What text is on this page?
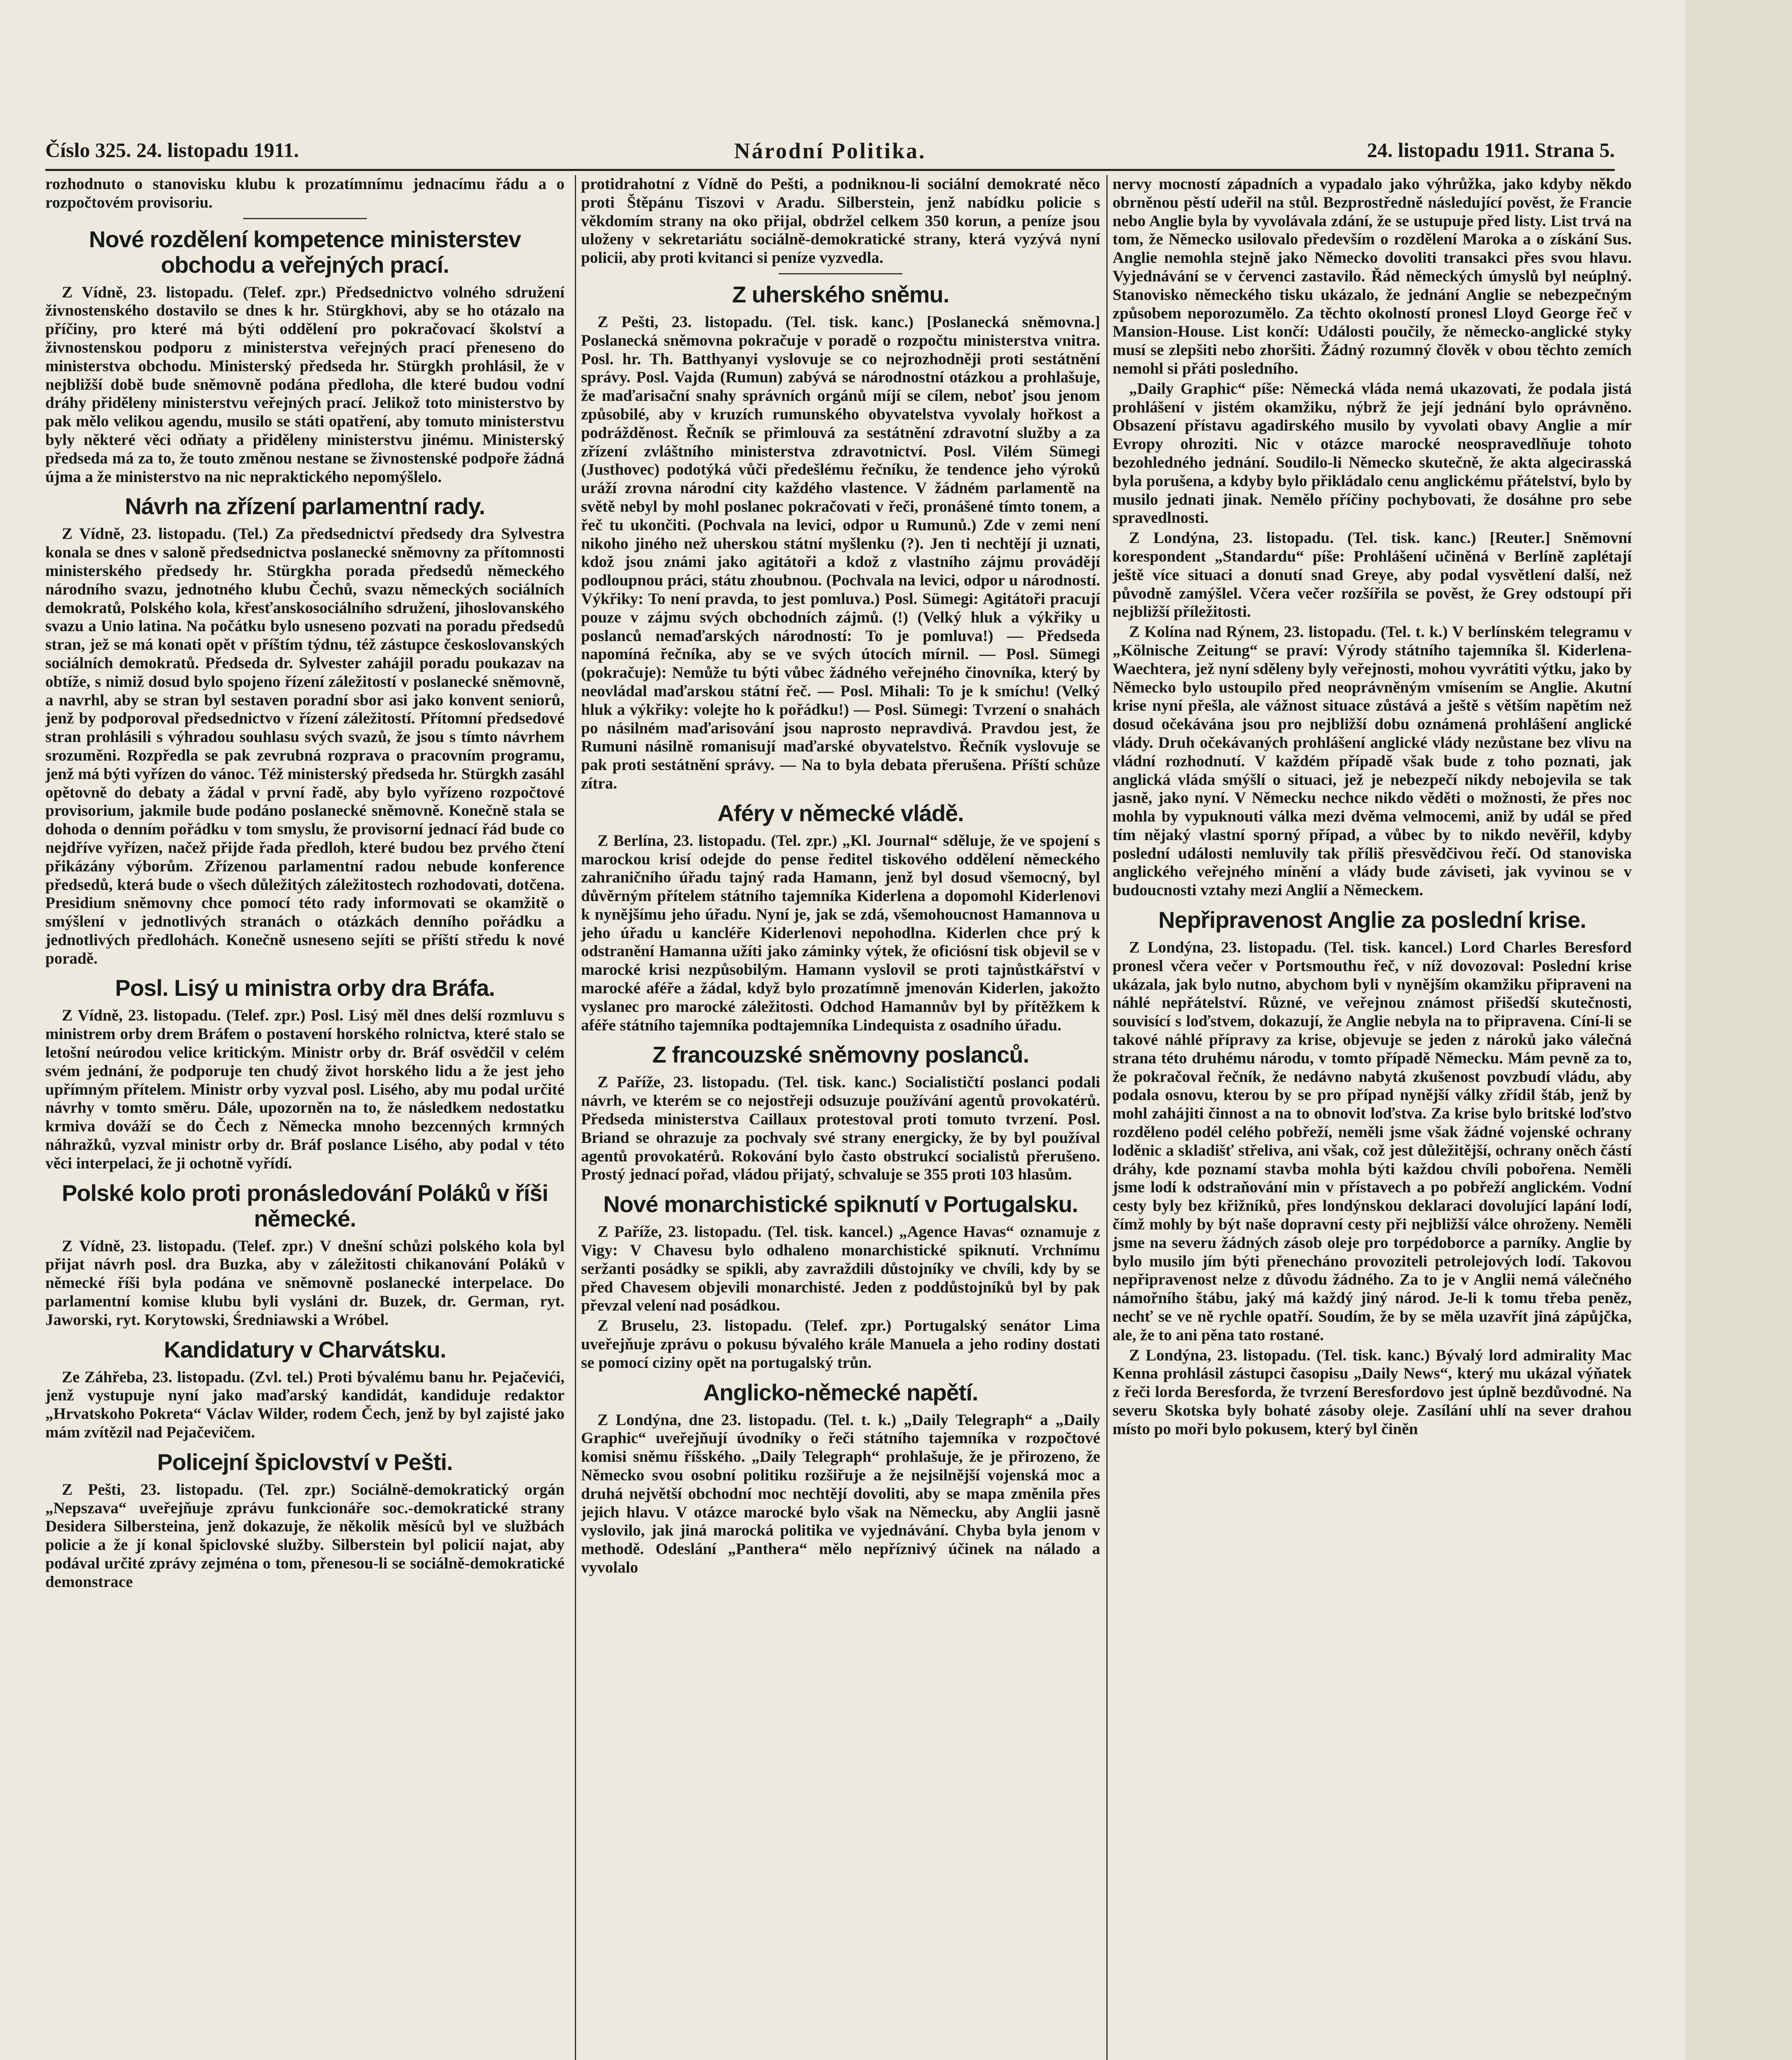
Číslo 325. 24. listopadu 1911.	Národní Politika.	24. listopadu 1911. Strana 5.

rozhodnuto o stanovisku klubu k prozatímnímu jednacímu řádu a o rozpočtovém provisoriu.

Nové rozdělení kompetence ministerstev obchodu a veřejných prací.

Z Vídně, 23. listopadu. (Telef. zpr.) Předsednictvo volného sdružení živnostenského dostavilo se dnes k hr. Stürgkhovi, aby se ho otázalo na příčiny, pro které má býti oddělení pro pokračovací školství a živnostenskou podporu z ministerstva veřejných prací přeneseno do ministerstva obchodu. Ministerský předseda hr. Stürgkh prohlásil, že v nejbližší době bude sněmovně podána předloha, dle které budou vodní dráhy přiděleny ministerstvu veřejných prací. Jelikož toto ministerstvo by pak mělo velikou agendu, musilo se státi opatření, aby tomuto ministerstvu byly některé věci odňaty a přiděleny ministerstvu jinému. Ministerský předseda má za to, že touto změnou nestane se živnostenské podpoře žádná újma a že ministerstvo na nic nepraktického nepomýšlelo.

Návrh na zřízení parlamentní rady.

Z Vídně, 23. listopadu. (Tel.) Za předsednictví předsedy dra Sylvestra konala se dnes v saloně předsednictva poslanecké sněmovny za přítomnosti ministerského předsedy hr. Stürgkha porada předsedů německého národního svazu, jednotného klubu Čechů, svazu německých sociálních demokratů, Polského kola, křesťanskosociálního sdružení, jihoslovanského svazu a Unio latina. Na počátku bylo usneseno pozvati na poradu předsedů stran, jež se má konati opět v příštím týdnu, též zástupce českoslovanských sociálních demokratů. Předseda dr. Sylvester zahájil poradu poukazav na obtíže, s nimiž dosud bylo spojeno řízení záležitostí v poslanecké sněmovně, a navrhl, aby se stran byl sestaven poradní sbor asi jako konvent seniorů, jenž by podporoval předsednictvo v řízení záležitostí. Přítomní předsedové stran prohlásili s výhradou souhlasu svých svazů, že jsou s tímto návrhem srozuměni. Rozpředla se pak zevrubná rozprava o pracovním programu, jenž má býti vyřízen do vánoc. Též ministerský předseda hr. Stürgkh zasáhl opětovně do debaty a žádal v první řadě, aby bylo vyřízeno rozpočtové provisorium, jakmile bude podáno poslanecké sněmovně. Konečně stala se dohoda o denním pořádku v tom smyslu, že provisorní jednací řád bude co nejdříve vyřízen, načež přijde řada předloh, které budou bez prvého čtení přikázány výborům. Zřízenou parlamentní radou nebude konference předsedů, která bude o všech důležitých záležitostech rozhodovati, dotčena. Presidium sněmovny chce pomocí této rady informovati se okamžitě o smýšlení v jednotlivých stranách o otázkách denního pořádku a jednotlivých předlohách. Konečně usneseno sejíti se příští středu k nové poradě.

Posl. Lisý u ministra orby dra Bráfa.

Z Vídně, 23. listopadu. (Telef. zpr.) Posl. Lisý měl dnes delší rozmluvu s ministrem orby drem Bráfem o postavení horského rolnictva, které stalo se letošní neúrodou velice kritickým. Ministr orby dr. Bráf osvědčil v celém svém jednání, že podporuje ten chudý život horského lidu a že jest jeho upřímným přítelem. Ministr orby vyzval posl. Lisého, aby mu podal určité návrhy v tomto směru. Dále, upozorněn na to, že následkem nedostatku krmiva dováží se do Čech z Německa mnoho bezcenných krmných náhražků, vyzval ministr orby dr. Bráf poslance Lisého, aby podal v této věci interpelaci, že ji ochotně vyřídí.

Polské kolo proti pronásledování Poláků v říši německé.

Z Vídně, 23. listopadu. (Telef. zpr.) V dnešní schůzi polského kola byl přijat návrh posl. dra Buzka, aby v záležitosti chikanování Poláků v německé říši byla podána ve sněmovně poslanecké interpelace. Do parlamentní komise klubu byli vysláni dr. Buzek, dr. German, ryt. Jaworski, ryt. Korytowski, Średniawski a Wróbel.

Kandidatury v Charvátsku.

Ze Záhřeba, 23. listopadu. (Zvl. tel.) Proti bývalému banu hr. Pejačevići, jenž vystupuje nyní jako maďarský kandidát, kandiduje redaktor „Hrvatskoho Pokreta“ Václav Wilder, rodem Čech, jenž by byl zajisté jako mám zvítězil nad Pejačevičem.

Policejní špiclovství v Pešti.

Z Pešti, 23. listopadu. (Tel. zpr.) Sociálně-demokratický orgán „Nepszava“ uveřejňuje zprávu funkcionáře soc.-demokratické strany Desidera Silbersteina, jenž dokazuje, že několik měsíců byl ve službách policie a že jí konal špiclovské služby. Silberstein byl policií najat, aby podával určité zprávy zejména o tom, přenesou-li se sociálně-demokratické demonstrace

protidrahotní z Vídně do Pešti, a podniknou-li sociální demokraté něco proti Štěpánu Tiszovi v Aradu. Silberstein, jenž nabídku policie s věkdomím strany na oko přijal, obdržel celkem 350 korun, a peníze jsou uloženy v sekretariátu sociálně-demokratické strany, která vyzývá nyní policii, aby proti kvitanci si peníze vyzvedla.

Z uherského sněmu.

Z Pešti, 23. listopadu. (Tel. tisk. kanc.) [Poslanecká sněmovna.] Poslanecká sněmovna pokračuje v poradě o rozpočtu ministerstva vnitra. Posl. hr. Th. Batthyanyi vyslovuje se co nejrozhodněji proti sestátnění správy. Posl. Vajda (Rumun) zabývá se národnostní otázkou a prohlašuje, že maďarisační snahy správních orgánů míjí se cílem, neboť jsou jenom způsobilé, aby v kruzích rumunského obyvatelstva vyvolaly hořkost a podrážděnost. Řečník se přimlouvá za sestátnění zdravotní služby a za zřízení zvláštního ministerstva zdravotnictví. Posl. Vilém Sümegi (Justhovec) podotýká vůči předešlému řečníku, že tendence jeho výroků uráží zrovna národní city každého vlastence. V žádném parlamentě na světě nebyl by mohl poslanec pokračovati v řeči, pronášené tímto tonem, a řeč tu ukončiti. (Pochvala na levici, odpor u Rumunů.) Zde v zemi není nikoho jiného než uherskou státní myšlenku (?). Jen ti nechtějí ji uznati, kdož jsou známi jako agitátoři a kdož z vlastního zájmu provádějí podloupnou práci, státu zhoubnou. (Pochvala na levici, odpor u národností. Výkřiky: To není pravda, to jest pomluva.) Posl. Sümegi: Agitátoři pracují pouze v zájmu svých obchodních zájmů. (!) (Velký hluk a výkřiky u poslanců nemaďarských národností: To je pomluva!) — Předseda napomíná řečníka, aby se ve svých útocích mírnil. — Posl. Sümegi (pokračuje): Nemůže tu býti vůbec žádného veřejného činovníka, který by neovládal maďarskou státní řeč. — Posl. Mihali: To je k smíchu! (Velký hluk a výkřiky: volejte ho k pořádku!) — Posl. Sümegi: Tvrzení o snahách po násilném maďarisování jsou naprosto nepravdivá. Pravdou jest, že Rumuni násilně romanisují maďarské obyvatelstvo. Řečník vyslovuje se pak proti sestátnění správy. — Na to byla debata přerušena. Příští schůze zítra.

Aféry v německé vládě.

Z Berlína, 23. listopadu. (Tel. zpr.) „Kl. Journal“ sděluje, že ve spojení s marockou krisí odejde do pense ředitel tiskového oddělení německého zahraničního úřadu tajný rada Hamann, jenž byl dosud všemocný, byl důvěrným přítelem státního tajemníka Kiderlena a dopomohl Kiderlenovi k nynějšímu jeho úřadu. Nyní je, jak se zdá, všemohoucnost Hamannova u jeho úřadu u kancléře Kiderlenovi nepohodlna. Kiderlen chce prý k odstranění Hamanna užíti jako záminky výtek, že oficiósní tisk objevil se v marocké krisi nezpůsobilým. Hamann vyslovil se proti tajnůstkářství v marocké aféře a žádal, když bylo prozatímně jmenován Kiderlen, jakožto vyslanec pro marocké záležitosti. Odchod Hamannův byl by přítěžkem k aféře státního tajemníka podtajemníka Lindequista z osadního úřadu.

Z francouzské sněmovny poslanců.

Z Paříže, 23. listopadu. (Tel. tisk. kanc.) Socialističtí poslanci podali návrh, ve kterém se co nejostřeji odsuzuje používání agentů provokatérů. Předseda ministerstva Caillaux protestoval proti tomuto tvrzení. Posl. Briand se ohrazuje za pochvaly své strany energicky, že by byl používal agentů provokatérů. Rokování bylo často obstrukcí socialistů přerušeno. Prostý jednací pořad, vládou přijatý, schvaluje se 355 proti 103 hlasům.

Nové monarchistické spiknutí v Portugalsku.

Z Paříže, 23. listopadu. (Tel. tisk. kancel.) „Agence Havas“ oznamuje z Vigy: V Chavesu bylo odhaleno monarchistické spiknutí. Vrchnímu seržanti posádky se spikli, aby zavraždili důstojníky ve chvíli, kdy by se před Chavesem objevili monarchisté. Jeden z poddůstojníků byl by pak převzal velení nad posádkou.

Z Bruselu, 23. listopadu. (Telef. zpr.) Portugalský senátor Lima uveřejňuje zprávu o pokusu bývalého krále Manuela a jeho rodiny dostati se pomocí ciziny opět na portugalský trůn.

Anglicko-německé napětí.

Z Londýna, dne 23. listopadu. (Tel. t. k.) „Daily Telegraph“ a „Daily Graphic“ uveřejňují úvodníky o řeči státního tajemníka v rozpočtové komisi sněmu říšského. „Daily Telegraph“ prohlašuje, že je přirozeno, že Německo svou osobní politiku rozšiřuje a že nejsilnější vojenská moc a druhá největší obchodní moc nechtějí dovoliti, aby se mapa změnila přes jejich hlavu. V otázce marocké bylo však na Německu, aby Anglii jasně vyslovilo, jak jiná marocká politika ve vyjednávání. Chyba byla jenom v methodě. Odeslání „Panthera“ mělo nepříznivý účinek na nálado a vyvolalo

nervy mocností západních a vypadalo jako výhrůžka, jako kdyby někdo obrněnou pěstí udeřil na stůl. Bezprostředně následující pověst, že Francie nebo Anglie byla by vyvolávala zdání, že se ustupuje před listy. List trvá na tom, že Německo usilovalo především o rozdělení Maroka a o získání Sus. Anglie nemohla stejně jako Německo dovoliti transakci přes svou hlavu. Vyjednávání se v červenci zastavilo. Řád německých úmyslů byl neúplný. Stanovisko německého tisku ukázalo, že jednání Anglie se nebezpečným způsobem neporozumělo. Za těchto okolností pronesl Lloyd George řeč v Mansion-House. List končí: Události poučily, že německo-anglické styky musí se zlepšiti nebo zhoršiti. Žádný rozumný člověk v obou těchto zemích nemohl si přáti posledního.

„Daily Graphic“ píše: Německá vláda nemá ukazovati, že podala jistá prohlášení v jistém okamžiku, nýbrž že její jednání bylo oprávněno. Obsazení přístavu agadirského musilo by vyvolati obavy Anglie a mír Evropy ohroziti. Nic v otázce marocké neospravedlňuje tohoto bezohledného jednání. Soudilo-li Německo skutečně, že akta algecirasská byla porušena, a kdyby bylo přikládalo cenu anglickému přátelství, bylo by musilo jednati jinak. Nemělo příčiny pochybovati, že dosáhne pro sebe spravedlnosti.

Z Londýna, 23. listopadu. (Tel. tisk. kanc.) [Reuter.] Sněmovní korespondent „Standardu“ píše: Prohlášení učiněná v Berlíně zaplétají ještě více situaci a donutí snad Greye, aby podal vysvětlení další, než původně zamýšlel. Včera večer rozšířila se pověst, že Grey odstoupí při nejbližší příležitosti.

Z Kolína nad Rýnem, 23. listopadu. (Tel. t. k.) V berlínském telegramu v „Kölnische Zeitung“ se praví: Výrody státního tajemníka šl. Kiderlena-Waechtera, jež nyní sděleny byly veřejnosti, mohou vyvrátiti výtku, jako by Německo bylo ustoupilo před neoprávněným vmísením se Anglie. Akutní krise nyní přešla, ale vážnost situace zůstává a ještě s větším napětím než dosud očekávána jsou pro nejbližší dobu oznámená prohlášení anglické vlády. Druh očekávaných prohlášení anglické vlády nezůstane bez vlivu na vládní rozhodnutí. V každém případě však bude z toho poznati, jak anglická vláda smýšlí o situaci, jež je nebezpečí nikdy nebojevila se tak jasně, jako nyní. V Německu nechce nikdo věděti o možnosti, že přes noc mohla by vypuknouti válka mezi dvěma velmocemi, aniž by udál se před tím nějaký vlastní sporný případ, a vůbec by to nikdo nevěřil, kdyby poslední události nemluvily tak příliš přesvědčivou řečí. Od stanoviska anglického veřejného mínění a vlády bude záviseti, jak vyvinou se v budoucnosti vztahy mezi Anglií a Německem.

Nepřipravenost Anglie za poslední krise.

Z Londýna, 23. listopadu. (Tel. tisk. kancel.) Lord Charles Beresford pronesl včera večer v Portsmouthu řeč, v níž dovozoval: Poslední krise ukázala, jak bylo nutno, abychom byli v nynějším okamžiku připraveni na náhlé nepřátelství. Různé, ve veřejnou známost přišedší skutečnosti, souvisící s loďstvem, dokazují, že Anglie nebyla na to připravena. Cíní-li se takové náhlé přípravy za krise, objevuje se jeden z nároků jako válečná strana této druhému národu, v tomto případě Německu. Mám pevně za to, že pokračoval řečník, že nedávno nabytá zkušenost povzbudí vládu, aby podala osnovu, kterou by se pro případ nynější války zřídil štáb, jenž by mohl zahájiti činnost a na to obnovit loďstva. Za krise bylo britské loďstvo rozděleno podél celého pobřeží, neměli jsme však žádné vojenské ochrany loděnic a skladišť střeliva, ani však, což jest důležitější, ochrany oněch částí dráhy, kde poznamí stavba mohla býti každou chvíli pobořena. Neměli jsme lodí k odstraňování min v přístavech a po pobřeží anglickém. Vodní cesty byly bez křižníků, přes londýnskou deklaraci dovolující lapání lodí, čímž mohly by být naše dopravní cesty při nejbližší válce ohroženy. Neměli jsme na severu žádných zásob oleje pro torpédoborce a parníky. Anglie by bylo musilo jím býti přenecháno provoziteli petrolejových lodí. Takovou nepřipravenost nelze z důvodu žádného. Za to je v Anglii nemá válečného námořního štábu, jaký má každý jiný národ. Je-li k tomu třeba peněz, nechť se ve ně rychle opatří. Soudím, že by se měla uzavřít jiná zápůjčka, ale, že to ani pěna tato rostané.

Z Londýna, 23. listopadu. (Tel. tisk. kanc.) Bývalý lord admirality Mac Kenna prohlásil zástupci časopisu „Daily News“, který mu ukázal výňatek z řeči lorda Beresforda, že tvrzení Beresfordovo jest úplně bezdůvodné. Na severu Skotska byly bohaté zásoby oleje. Zasílání uhlí na sever drahou místo po moři bylo pokusem, který byl činěn
